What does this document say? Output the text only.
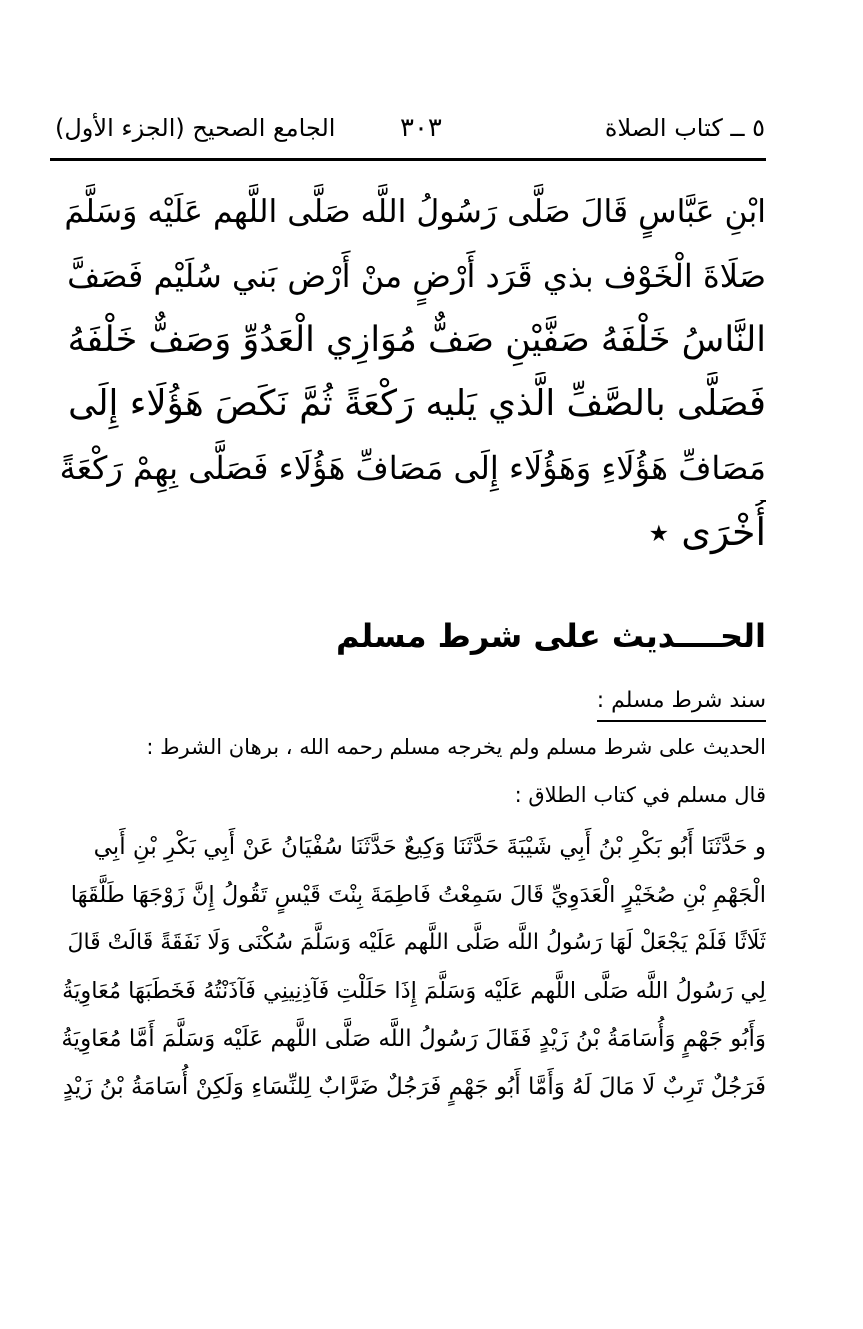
٥ ــ كتاب الصلاة
٣٠٣
الجامع الصحيح (الجزء الأول)
ابْنِ عَبَّاسٍ قَالَ صَلَّى رَسُولُ اللَّه صَلَّى اللَّهم عَلَيْه وَسَلَّمَ
صَلَاةَ الْخَوْف بذي قَرَد أَرْضٍ منْ أَرْض بَني سُلَيْم فَصَفَّ
النَّاسُ خَلْفَهُ صَفَّيْنِ صَفٌّ مُوَازِي الْعَدُوِّ وَصَفٌّ خَلْفَهُ
فَصَلَّى بالصَّفِّ الَّذي يَليه رَكْعَةً ثُمَّ نَكَصَ هَؤُلَاء إِلَى
مَصَافِّ هَؤُلَاءِ وَهَؤُلَاء إِلَى مَصَافِّ هَؤُلَاء فَصَلَّى بِهِمْ رَكْعَةً
أُخْرَى ٭
الحــــديث على شرط مسلم
سند شرط مسلم :
الحديث على شرط مسلم ولم يخرجه مسلم رحمه الله ، برهان الشرط :
قال مسلم في كتاب الطلاق :
و حَدَّثَنَا أَبُو بَكْرِ بْنُ أَبِي شَيْبَةَ حَدَّثَنَا وَكِيعٌ حَدَّثَنَا سُفْيَانُ عَنْ أَبِي بَكْرِ بْنِ أَبِي
الْجَهْمِ بْنِ صُخَيْرٍ الْعَدَوِيِّ قَالَ سَمِعْتُ فَاطِمَةَ بِنْتَ قَيْسٍ تَقُولُ إِنَّ زَوْجَهَا طَلَّقَهَا
ثَلَاثًا فَلَمْ يَجْعَلْ لَهَا رَسُولُ اللَّه صَلَّى اللَّهم عَلَيْه وَسَلَّمَ سُكْنَى وَلَا نَفَقَةً قَالَتْ قَالَ
لِي رَسُولُ اللَّه صَلَّى اللَّهم عَلَيْه وَسَلَّمَ إِذَا حَلَلْتِ فَآذِنِينِي فَآذَنْتُهُ فَخَطَبَهَا مُعَاوِيَةُ
وَأَبُو جَهْمٍ وَأُسَامَةُ بْنُ زَيْدٍ فَقَالَ رَسُولُ اللَّه صَلَّى اللَّهم عَلَيْه وَسَلَّمَ أَمَّا مُعَاوِيَةُ
فَرَجُلٌ تَرِبٌ لَا مَالَ لَهُ وَأَمَّا أَبُو جَهْمٍ فَرَجُلٌ ضَرَّابٌ لِلنِّسَاءِ وَلَكِنْ أُسَامَةُ بْنُ زَيْدٍ
